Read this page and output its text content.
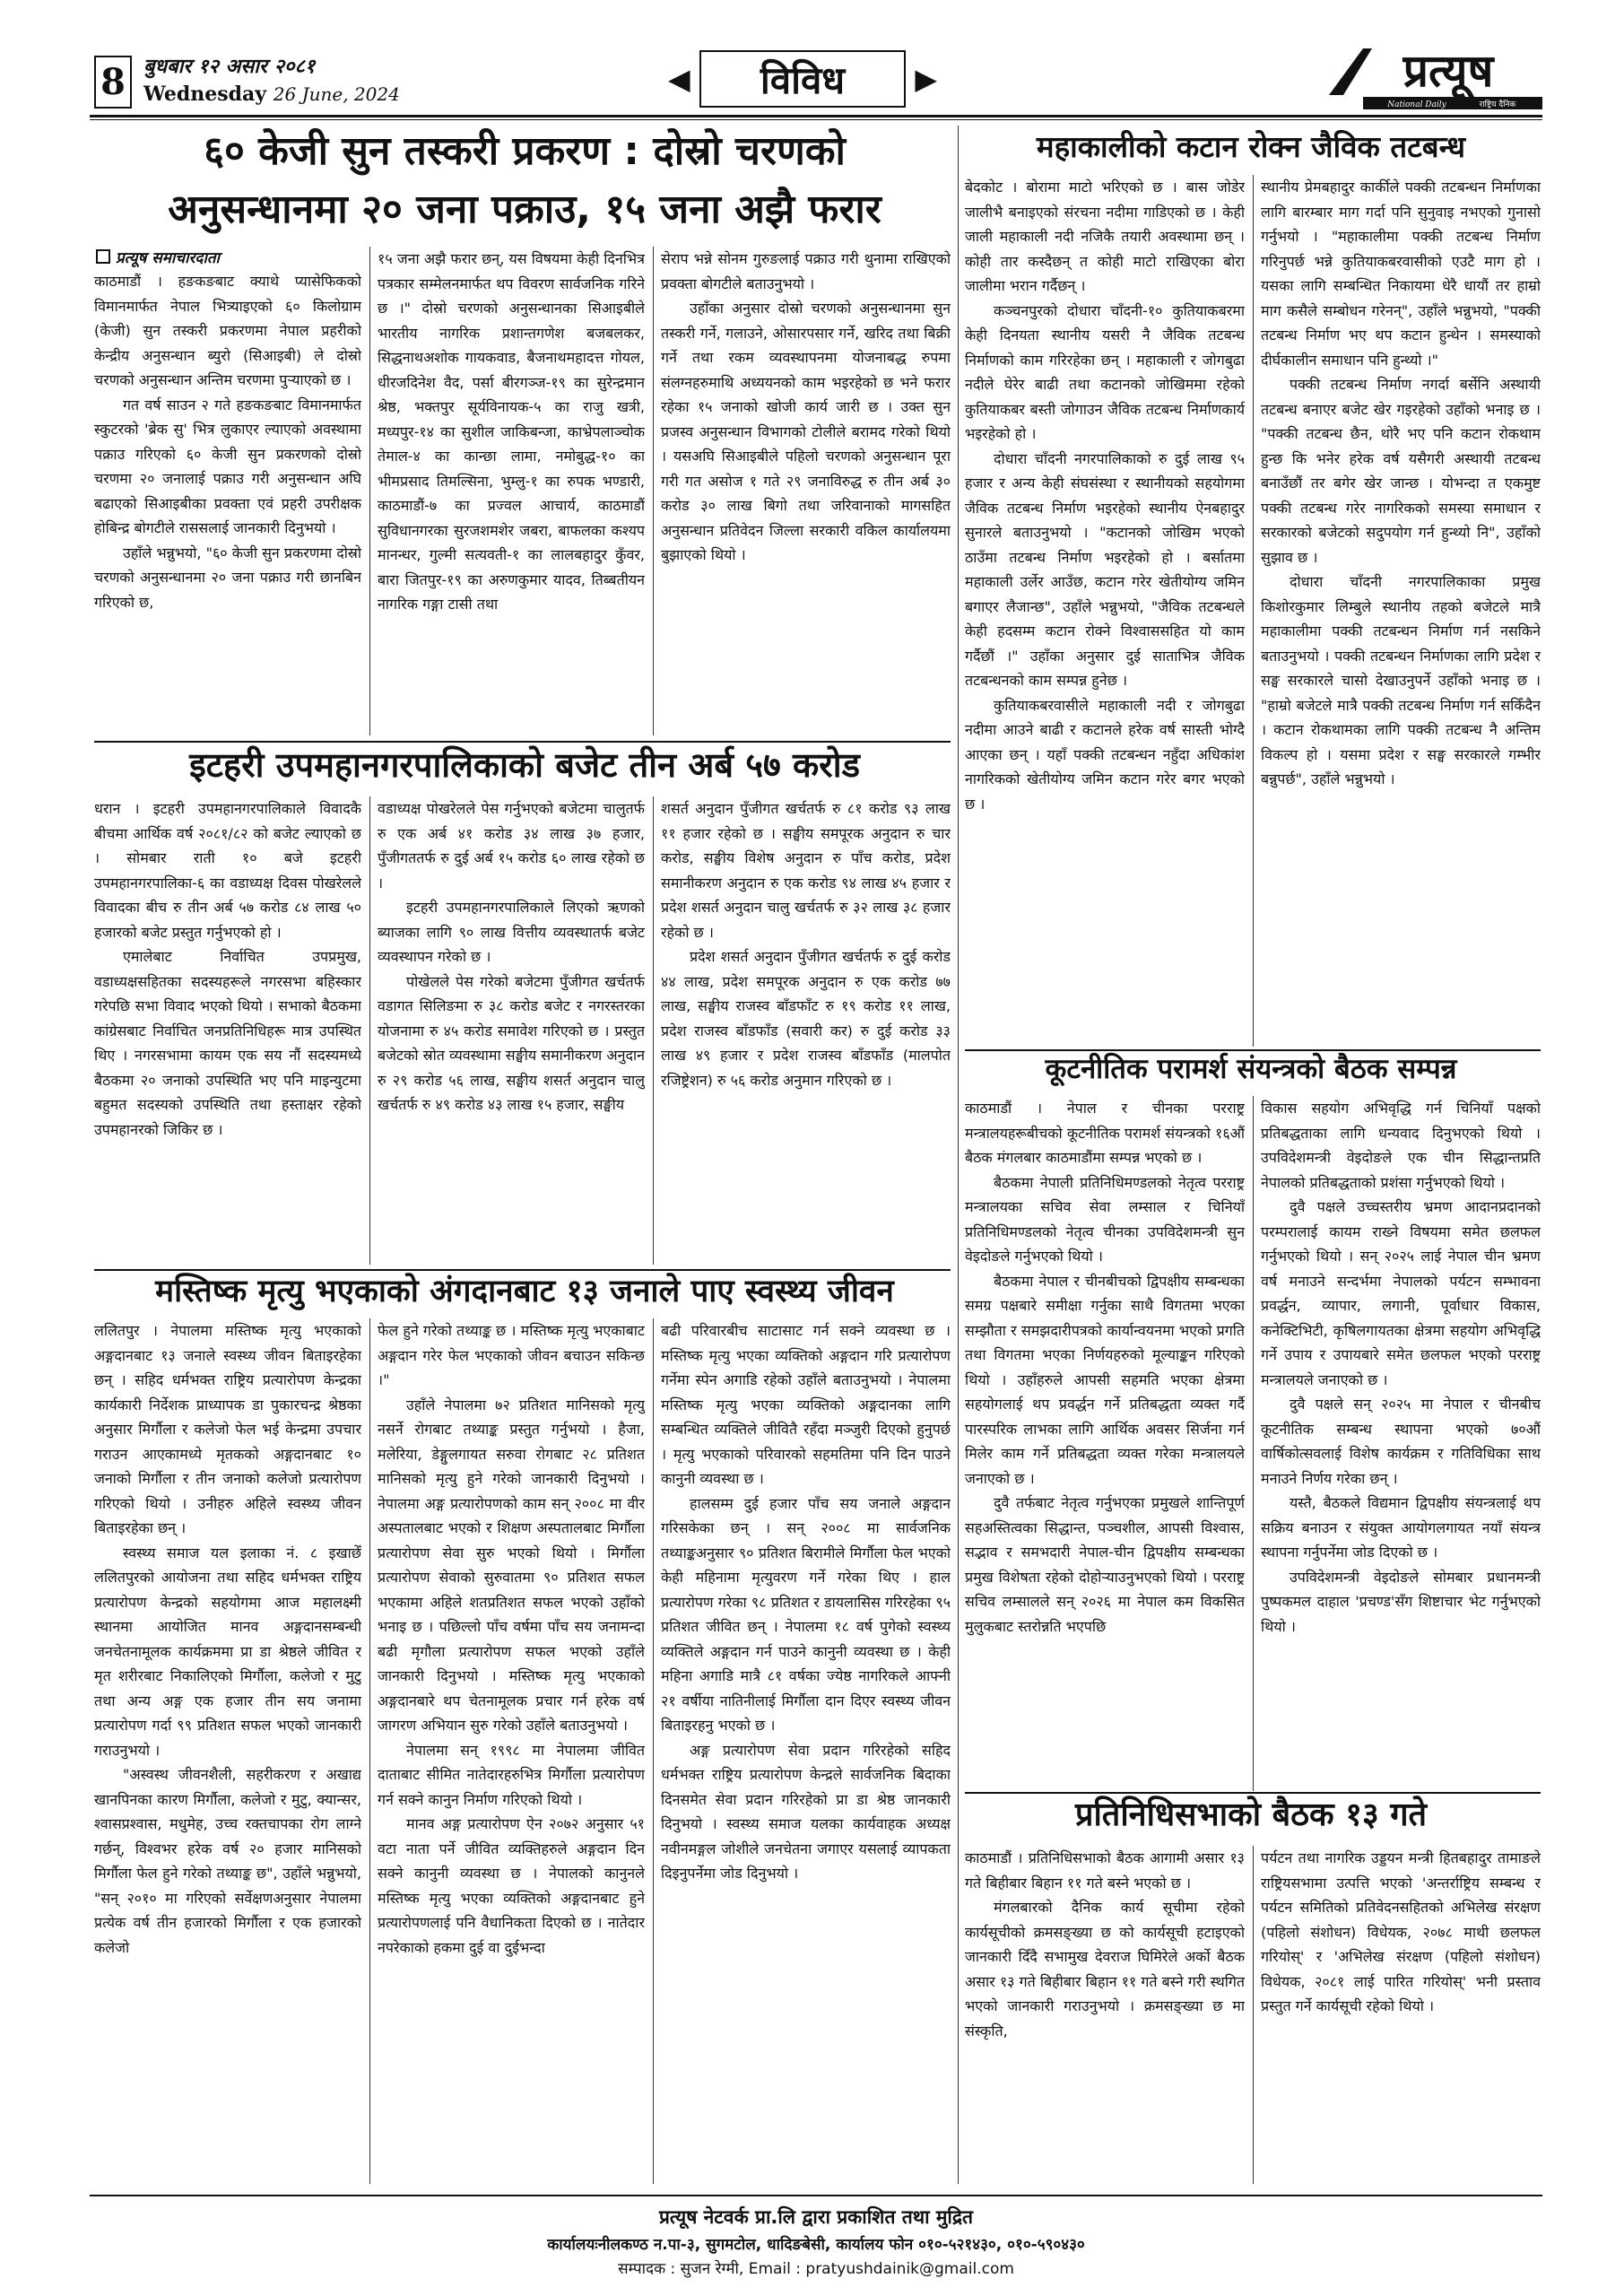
8 बुधबार १२ असार २०८१
Wednesday 26 June, 2024	◀	विविध	▶	प्रत्यूष
National Daily	राष्ट्रिय दैनिक
६० केजी सुन तस्करी प्रकरण : दोस्रो चरणको
अनुसन्धानमा २० जना पक्राउ, १५ जना अझै फरार
प्रत्यूष समाचारदाता

काठमाडौं । हङकङबाट क्याथे प्यासेफिकको विमानमार्फत नेपाल भित्र्याइएको ६० किलोग्राम (केजी) सुन तस्करी प्रकरणमा नेपाल प्रहरीको केन्द्रीय अनुसन्धान ब्युरो (सिआइबी) ले दोस्रो चरणको अनुसन्धान अन्तिम चरणमा पुऱ्याएको छ ।

गत वर्ष साउन २ गते हङकङबाट विमानमार्फत स्कुटरको 'ब्रेक सु' भित्र लुकाएर ल्याएको अवस्थामा पक्राउ गरिएको ६० केजी सुन प्रकरणको दोस्रो चरणमा २० जनालाई पक्राउ गरी अनुसन्धान अघि बढाएको सिआइबीका प्रवक्ता एवं प्रहरी उपरीक्षक होबिन्द्र बोगटीले राससलाई जानकारी दिनुभयो ।

उहाँले भन्नुभयो, "६० केजी सुन प्रकरणमा दोस्रो चरणको अनुसन्धानमा २० जना पक्राउ गरी छानबिन गरिएको छ,

१५ जना अझै फरार छन्, यस विषयमा केही दिनभित्र पत्रकार सम्मेलनमार्फत थप विवरण सार्वजनिक गरिने छ ।" दोस्रो चरणको अनुसन्धानका सिआइबीले भारतीय नागरिक प्रशान्तगणेश बजबलकर, सिद्धनाथअशोक गायकवाड, बैजनाथमहादत्त गोयल, धीरजदिनेश वैद, पर्सा बीरगञ्ज-१९ का सुरेन्द्रमान श्रेष्ठ, भक्तपुर सूर्यविनायक-५ का राजु खत्री, मध्यपुर-१४ का सुशील जाकिबन्जा, काभ्रेपलाञ्चोक तेमाल-४ का कान्छा लामा, नमोबुद्ध-१० का भीमप्रसाद तिमल्सिना, भुम्लु-१ का रुपक भण्डारी, काठमाडौं-७ का प्रज्वल आचार्य, काठमाडौं सुविधानगरका सुरजशमशेर जबरा, बाफलका कश्यप मानन्धर, गुल्मी सत्यवती-१ का लालबहादुर कुँवर, बारा जितपुर-१९ का अरुणकुमार यादव, तिब्बतीयन नागरिक गङ्गा टासी तथा

सेराप भन्ने सोनम गुरुङलाई पक्राउ गरी थुनामा राखिएको प्रवक्ता बोगटीले बताउनुभयो ।

उहाँका अनुसार दोस्रो चरणको अनुसन्धानमा सुन तस्करी गर्ने, गलाउने, ओसारपसार गर्ने, खरिद तथा बिक्री गर्ने तथा रकम व्यवस्थापनमा योजनाबद्ध रुपमा संलग्नहरुमाथि अध्ययनको काम भइरहेको छ भने फरार रहेका १५ जनाको खोजी कार्य जारी छ । उक्त सुन प्रजस्व अनुसन्धान विभागको टोलीले बरामद गरेको थियो । यसअघि सिआइबीले पहिलो चरणको अनुसन्धान पूरा गरी गत असोज १ गते २९ जनाविरुद्ध रु तीन अर्ब ३० करोड ३० लाख बिगो तथा जरिवानाको मागसहित अनुसन्धान प्रतिवेदन जिल्ला सरकारी वकिल कार्यालयमा बुझाएको थियो ।

इटहरी उपमहानगरपालिकाको बजेट तीन अर्ब ५७ करोड

धरान । इटहरी उपमहानगरपालिकाले विवादकै बीचमा आर्थिक वर्ष २०८१/८२ को बजेट ल्याएको छ । सोमबार राती १० बजे इटहरी उपमहानगरपालिका-६ का वडाध्यक्ष दिवस पोखरेलले विवादका बीच रु तीन अर्ब ५७ करोड ८४ लाख ५० हजारको बजेट प्रस्तुत गर्नुभएको हो ।

एमालेबाट निर्वाचित उपप्रमुख, वडाध्यक्षसहितका सदस्यहरूले नगरसभा बहिस्कार गरेपछि सभा विवाद भएको थियो । सभाको बैठकमा कांग्रेसबाट निर्वाचित जनप्रतिनिधिहरू मात्र उपस्थित थिए । नगरसभामा कायम एक सय नौं सदस्यमध्ये बैठकमा २० जनाको उपस्थिति भए पनि माइन्युटमा बहुमत सदस्यको उपस्थिति तथा हस्ताक्षर रहेको उपमहानरको जिकिर छ ।

वडाध्यक्ष पोखरेलले पेस गर्नुभएको बजेटमा चालुतर्फ रु एक अर्ब ४१ करोड ३४ लाख ३७ हजार, पुँजीगततर्फ रु दुई अर्ब १५ करोड ६० लाख रहेको छ ।

इटहरी उपमहानगरपालिकाले लिएको ऋणको ब्याजका लागि ९० लाख वित्तीय व्यवस्थातर्फ बजेट व्यवस्थापन गरेको छ ।

पोखेलले पेस गरेको बजेटमा पुँजीगत खर्चतर्फ वडागत सिलिङमा रु ३८ करोड बजेट र नगरस्तरका योजनामा रु ४५ करोड समावेश गरिएको छ । प्रस्तुत बजेटको स्रोत व्यवस्थामा सङ्घीय समानीकरण अनुदान रु २९ करोड ५६ लाख, सङ्घीय शसर्त अनुदान चालु खर्चतर्फ रु ४९ करोड ४३ लाख १५ हजार, सङ्घीय

शसर्त अनुदान पुँजीगत खर्चतर्फ रु ८१ करोड ९३ लाख ११ हजार रहेको छ । सङ्घीय समपूरक अनुदान रु चार करोड, सङ्घीय विशेष अनुदान रु पाँच करोड, प्रदेश समानीकरण अनुदान रु एक करोड ९४ लाख ४५ हजार र प्रदेश शसर्त अनुदान चालु खर्चतर्फ रु ३२ लाख ३८ हजार रहेको छ ।

प्रदेश शसर्त अनुदान पुँजीगत खर्चतर्फ रु दुई करोड ४४ लाख, प्रदेश समपूरक अनुदान रु एक करोड ७७ लाख, सङ्घीय राजस्व बाँडफाँट रु १९ करोड ११ लाख, प्रदेश राजस्व बाँडफाँड (सवारी कर) रु दुई करोड ३३ लाख ४९ हजार र प्रदेश राजस्व बाँडफाँड (मालपोत रजिष्ट्रेशन) रु ५६ करोड अनुमान गरिएको छ ।

मस्तिष्क मृत्यु भएकाको अंगदानबाट १३ जनाले पाए स्वस्थ्य जीवन

ललितपुर । नेपालमा मस्तिष्क मृत्यु भएकाको अङ्गदानबाट १३ जनाले स्वस्थ्य जीवन बिताइरहेका छन् । सहिद धर्मभक्त राष्ट्रिय प्रत्यारोपण केन्द्रका कार्यकारी निर्देशक प्राध्यापक डा पुकारचन्द्र श्रेष्ठका अनुसार मिर्गौला र कलेजो फेल भई केन्द्रमा उपचार गराउन आएकामध्ये मृतकको अङ्गदानबाट १० जनाको मिर्गौला र तीन जनाको कलेजो प्रत्यारोपण गरिएको थियो । उनीहरु अहिले स्वस्थ्य जीवन बिताइरहेका छन् ।

स्वस्थ्य समाज यल इलाका नं. ८ इखाछेँ ललितपुरको आयोजना तथा सहिद धर्मभक्त राष्ट्रिय प्रत्यारोपण केन्द्रको सहयोगमा आज महालक्ष्मी स्थानमा आयोजित मानव अङ्गदानसम्बन्धी जनचेतनामूलक कार्यक्रममा प्रा डा श्रेष्ठले जीवित र मृत शरीरबाट निकालिएको मिर्गौला, कलेजो र मुटु तथा अन्य अङ्ग एक हजार तीन सय जनामा प्रत्यारोपण गर्दा ९९ प्रतिशत सफल भएको जानकारी गराउनुभयो ।

"अस्वस्थ जीवनशैली, सहरीकरण र अखाद्य खानपिनका कारण मिर्गौला, कलेजो र मुटु, क्यान्सर, श्वासप्रश्वास, मधुमेह, उच्च रक्तचापका रोग लाग्ने गर्छन्, विश्वभर हरेक वर्ष २० हजार मानिसको मिर्गौला फेल हुने गरेको तथ्याङ्क छ", उहाँले भन्नुभयो, "सन् २०१० मा गरिएको सर्वेक्षणअनुसार नेपालमा प्रत्येक वर्ष तीन हजारको मिर्गौला र एक हजारको कलेजो

फेल हुने गरेको तथ्याङ्क छ । मस्तिष्क मृत्यु भएकाबाट अङ्गदान गरेर फेल भएकाको जीवन बचाउन सकिन्छ ।"

उहाँले नेपालमा ७२ प्रतिशत मानिसको मृत्यु नसर्ने रोगबाट तथ्याङ्क प्रस्तुत गर्नुभयो । हैजा, मलेरिया, डेङ्गुलगायत सरुवा रोगबाट २८ प्रतिशत मानिसको मृत्यु हुने गरेको जानकारी दिनुभयो । नेपालमा अङ्ग प्रत्यारोपणको काम सन् २००८ मा वीर अस्पतालबाट भएको र शिक्षण अस्पतालबाट मिर्गौला प्रत्यारोपण सेवा सुरु भएको थियो । मिर्गौला प्रत्यारोपण सेवाको सुरुवातमा ९० प्रतिशत सफल भएकामा अहिले शतप्रतिशत सफल भएको उहाँको भनाइ छ । पछिल्लो पाँच वर्षमा पाँच सय जनामन्दा बढी मृगौला प्रत्यारोपण सफल भएको उहाँले जानकारी दिनुभयो । मस्तिष्क मृत्यु भएकाको अङ्गदानबारे थप चेतनामूलक प्रचार गर्न हरेक वर्ष जागरण अभियान सुरु गरेको उहाँले बताउनुभयो ।

नेपालमा सन् १९९८ मा नेपालमा जीवित दाताबाट सीमित नातेदारहरुभित्र मिर्गौला प्रत्यारोपण गर्न सक्ने कानुन निर्माण गरिएको थियो ।

मानव अङ्ग प्रत्यारोपण ऐन २०७२ अनुसार ५१ वटा नाता पर्ने जीवित व्यक्तिहरुले अङ्गदान दिन सक्ने कानुनी व्यवस्था छ । नेपालको कानुनले मस्तिष्क मृत्यु भएका व्यक्तिको अङ्गदानबाट हुने प्रत्यारोपणलाई पनि वैधानिकता दिएको छ । नातेदार नपरेकाको हकमा दुई वा दुईभन्दा

बढी परिवारबीच साटासाट गर्न सक्ने व्यवस्था छ । मस्तिष्क मृत्यु भएका व्यक्तिको अङ्गदान गरि प्रत्यारोपण गर्नेमा स्पेन अगाडि रहेको उहाँले बताउनुभयो । नेपालमा मस्तिष्क मृत्यु भएका व्यक्तिको अङ्गदानका लागि सम्बन्धित व्यक्तिले जीवितै रहँदा मञ्जुरी दिएको हुनुपर्छ । मृत्यु भएकाको परिवारको सहमतिमा पनि दिन पाउने कानुनी व्यवस्था छ ।

हालसम्म दुई हजार पाँच सय जनाले अङ्गदान गरिसकेका छन् । सन् २००८ मा सार्वजनिक तथ्याङ्कअनुसार ९० प्रतिशत बिरामीले मिर्गौला फेल भएको केही महिनामा मृत्युवरण गर्ने गरेका थिए । हाल प्रत्यारोपण गरेका ९८ प्रतिशत र डायलासिस गरिरहेका ९५ प्रतिशत जीवित छन् । नेपालमा १८ वर्ष पुगेको स्वस्थ्य व्यक्तिले अङ्गदान गर्न पाउने कानुनी व्यवस्था छ । केही महिना अगाडि मात्रै ८१ वर्षका ज्येष्ठ नागरिकले आफ्नी २१ वर्षीया नातिनीलाई मिर्गौला दान दिएर स्वस्थ्य जीवन बिताइरहनु भएको छ ।

अङ्ग प्रत्यारोपण सेवा प्रदान गरिरहेको सहिद धर्मभक्त राष्ट्रिय प्रत्यारोपण केन्द्रले सार्वजनिक बिदाका दिनसमेत सेवा प्रदान गरिरहेको प्रा डा श्रेष्ठ जानकारी दिनुभयो । स्वस्थ्य समाज यलका कार्यवाहक अध्यक्ष नवीनमङ्गल जोशीले जनचेतना जगाएर यसलाई व्यापकता दिइनुपर्नेमा जोड दिनुभयो ।

महाकालीको कटान रोक्न जैविक तटबन्ध

बेदकोट । बोरामा माटो भरिएको छ । बास जोडेर जालीभै बनाइएको संरचना नदीमा गाडिएको छ । केही जाली महाकाली नदी नजिकै तयारी अवस्थामा छन् । कोही तार कस्दैछन् त कोही माटो राखिएका बोरा जालीमा भरान गर्दैछन् ।

कञ्चनपुरको दोधारा चाँदनी-१० कुतियाकबरमा केही दिनयता स्थानीय यसरी नै जैविक तटबन्ध निर्माणको काम गरिरहेका छन् । महाकाली र जोगबुढा नदीले घेरेर बाढी तथा कटानको जोखिममा रहेको कुतियाकबर बस्ती जोगाउन जैविक तटबन्ध निर्माणकार्य भइरहेको हो ।

दोधारा चाँदनी नगरपालिकाको रु दुई लाख ९५ हजार र अन्य केही संघसंस्था र स्थानीयको सहयोगमा जैविक तटबन्ध निर्माण भइरहेको स्थानीय ऐनबहादुर सुनारले बताउनुभयो । "कटानको जोखिम भएको ठाउँमा तटबन्ध निर्माण भइरहेको हो । बर्सातमा महाकाली उर्लेर आउँछ, कटान गरेर खेतीयोग्य जमिन बगाएर लैजान्छ", उहाँले भन्नुभयो, "जैविक तटबन्धले केही हदसम्म कटान रोक्ने विश्वाससहित यो काम गर्दैछौं ।" उहाँका अनुसार दुई साताभित्र जैविक तटबन्धनको काम सम्पन्न हुनेछ ।

कुतियाकबरवासीले महाकाली नदी र जोगबुढा नदीमा आउने बाढी र कटानले हरेक वर्ष सास्ती भोग्दै आएका छन् । यहाँ पक्की तटबन्धन नहुँदा अधिकांश नागरिकको खेतीयोग्य जमिन कटान गरेर बगर भएको छ ।

स्थानीय प्रेमबहादुर कार्कीले पक्की तटबन्धन निर्माणका लागि बारम्बार माग गर्दा पनि सुनुवाइ नभएको गुनासो गर्नुभयो । "महाकालीमा पक्की तटबन्ध निर्माण गरिनुपर्छ भन्ने कुतियाकबरवासीको एउटै माग हो । यसका लागि सम्बन्धित निकायमा धेरै धायौं तर हाम्रो माग कसैले सम्बोधन गरेनन्", उहाँले भन्नुभयो, "पक्की तटबन्ध निर्माण भए थप कटान हुन्थेन । समस्याको दीर्घकालीन समाधान पनि हुन्थ्यो ।"

पक्की तटबन्ध निर्माण नगर्दा बर्सेनि अस्थायी तटबन्ध बनाएर बजेट खेर गइरहेको उहाँको भनाइ छ । "पक्की तटबन्ध छैन, थोरै भए पनि कटान रोकथाम हुन्छ कि भनेर हरेक वर्ष यसैगरी अस्थायी तटबन्ध बनाउँछौं तर बगेर खेर जान्छ । योभन्दा त एकमुष्ट पक्की तटबन्ध गरेर नागरिकको समस्या समाधान र सरकारको बजेटको सदुपयोग गर्न हुन्थ्यो नि", उहाँको सुझाव छ ।

दोधारा चाँदनी नगरपालिकाका प्रमुख किशोरकुमार लिम्बुले स्थानीय तहको बजेटले मात्रै महाकालीमा पक्की तटबन्धन निर्माण गर्न नसकिने बताउनुभयो । पक्की तटबन्धन निर्माणका लागि प्रदेश र सङ्घ सरकारले चासो देखाउनुपर्ने उहाँको भनाइ छ । "हाम्रो बजेटले मात्रै पक्की तटबन्ध निर्माण गर्न सकिँदैन । कटान रोकथामका लागि पक्की तटबन्ध नै अन्तिम विकल्प हो । यसमा प्रदेश र सङ्घ सरकारले गम्भीर बन्नुपर्छ", उहाँले भन्नुभयो ।

कूटनीतिक परामर्श संयन्त्रको बैठक सम्पन्न

काठमाडौं । नेपाल र चीनका परराष्ट्र मन्त्रालयहरूबीचको कूटनीतिक परामर्श संयन्त्रको १६औं बैठक मंगलबार काठमाडौंमा सम्पन्न भएको छ ।

बैठकमा नेपाली प्रतिनिधिमण्डलको नेतृत्व परराष्ट्र मन्त्रालयका सचिव सेवा लम्साल र चिनियाँ प्रतिनिधिमण्डलको नेतृत्व चीनका उपविदेशमन्त्री सुन वेइदोङले गर्नुभएको थियो ।

बैठकमा नेपाल र चीनबीचको द्विपक्षीय सम्बन्धका समग्र पक्षबारे समीक्षा गर्नुका साथै विगतमा भएका सम्झौता र समझदारीपत्रको कार्यान्वयनमा भएको प्रगति तथा विगतमा भएका निर्णयहरुको मूल्याङ्कन गरिएको थियो । उहाँहरुले आपसी सहमति भएका क्षेत्रमा सहयोगलाई थप प्रवर्द्धन गर्ने प्रतिबद्धता व्यक्त गर्दै पारस्परिक लाभका लागि आर्थिक अवसर सिर्जना गर्न मिलेर काम गर्ने प्रतिबद्धता व्यक्त गरेका मन्त्रालयले जनाएको छ ।

दुवै तर्फबाट नेतृत्व गर्नुभएका प्रमुखले शान्तिपूर्ण सहअस्तित्वका सिद्धान्त, पञ्चशील, आपसी विश्वास, सद्भाव र समभदारी नेपाल-चीन द्विपक्षीय सम्बन्धका प्रमुख विशेषता रहेको दोहोऱ्याउनुभएको थियो । परराष्ट्र सचिव लम्सालले सन् २०२६ मा नेपाल कम विकसित मुलुकबाट स्तरोन्नति भएपछि

विकास सहयोग अभिवृद्धि गर्न चिनियाँ पक्षको प्रतिबद्धताका लागि धन्यवाद दिनुभएको थियो । उपविदेशमन्त्री वेइदोङले एक चीन सिद्धान्तप्रति नेपालको प्रतिबद्धताको प्रशंसा गर्नुभएको थियो ।

दुवै पक्षले उच्चस्तरीय भ्रमण आदानप्रदानको परम्परालाई कायम राख्ने विषयमा समेत छलफल गर्नुभएको थियो । सन् २०२५ लाई नेपाल चीन भ्रमण वर्ष मनाउने सन्दर्भमा नेपालको पर्यटन सम्भावना प्रवर्द्धन, व्यापार, लगानी, पूर्वाधार विकास, कनेक्टिभिटी, कृषिलगायतका क्षेत्रमा सहयोग अभिवृद्धि गर्ने उपाय र उपायबारे समेत छलफल भएको परराष्ट्र मन्त्रालयले जनाएको छ ।

दुवै पक्षले सन् २०२५ मा नेपाल र चीनबीच कूटनीतिक सम्बन्ध स्थापना भएको ७०औं वार्षिकोत्सवलाई विशेष कार्यक्रम र गतिविधिका साथ मनाउने निर्णय गरेका छन् ।

यस्तै, बैठकले विद्यमान द्विपक्षीय संयन्त्रलाई थप सक्रिय बनाउन र संयुक्त आयोगलगायत नयाँ संयन्त्र स्थापना गर्नुपर्नेमा जोड दिएको छ ।

उपविदेशमन्त्री वेइदोङले सोमबार प्रधानमन्त्री पुष्पकमल दाहाल 'प्रचण्ड'सँग शिष्टाचार भेट गर्नुभएको थियो ।

प्रतिनिधिसभाको बैठक १३ गते

काठमाडौं । प्रतिनिधिसभाको बैठक आगामी असार १३ गते बिहीबार बिहान ११ गते बस्ने भएको छ ।

मंगलबारको दैनिक कार्य सूचीमा रहेको कार्यसूचीको क्रमसङ्ख्या छ को कार्यसूची हटाइएको जानकारी दिँदै सभामुख देवराज घिमिरेले अर्को बैठक असार १३ गते बिहीबार बिहान ११ गते बस्ने गरी स्थगित भएको जानकारी गराउनुभयो । क्रमसङ्ख्या छ मा संस्कृति,

पर्यटन तथा नागरिक उड्डयन मन्त्री हितबहादुर तामाङले राष्ट्रियसभामा उत्पत्ति भएको 'अन्तर्राष्ट्रिय सम्बन्ध र पर्यटन समितिको प्रतिवेदनसहितको अभिलेख संरक्षण (पहिलो संशोधन) विधेयक, २०७८ माथी छलफल गरियोस्' र 'अभिलेख संरक्षण (पहिलो संशोधन) विधेयक, २०८१ लाई पारित गरियोस्' भनी प्रस्ताव प्रस्तुत गर्ने कार्यसूची रहेको थियो ।

प्रत्यूष नेटवर्क प्रा.लि द्वारा प्रकाशित तथा मुद्रित
कार्यालयःनीलकण्ठ न.पा-३, सुगमटोल, धादिङबेसी, कार्यालय फोन ०१०-५२१४३०, ०१०-५९०४३०
सम्पादक : सुजन रेग्मी, Email : pratyushdainik@gmail.com
